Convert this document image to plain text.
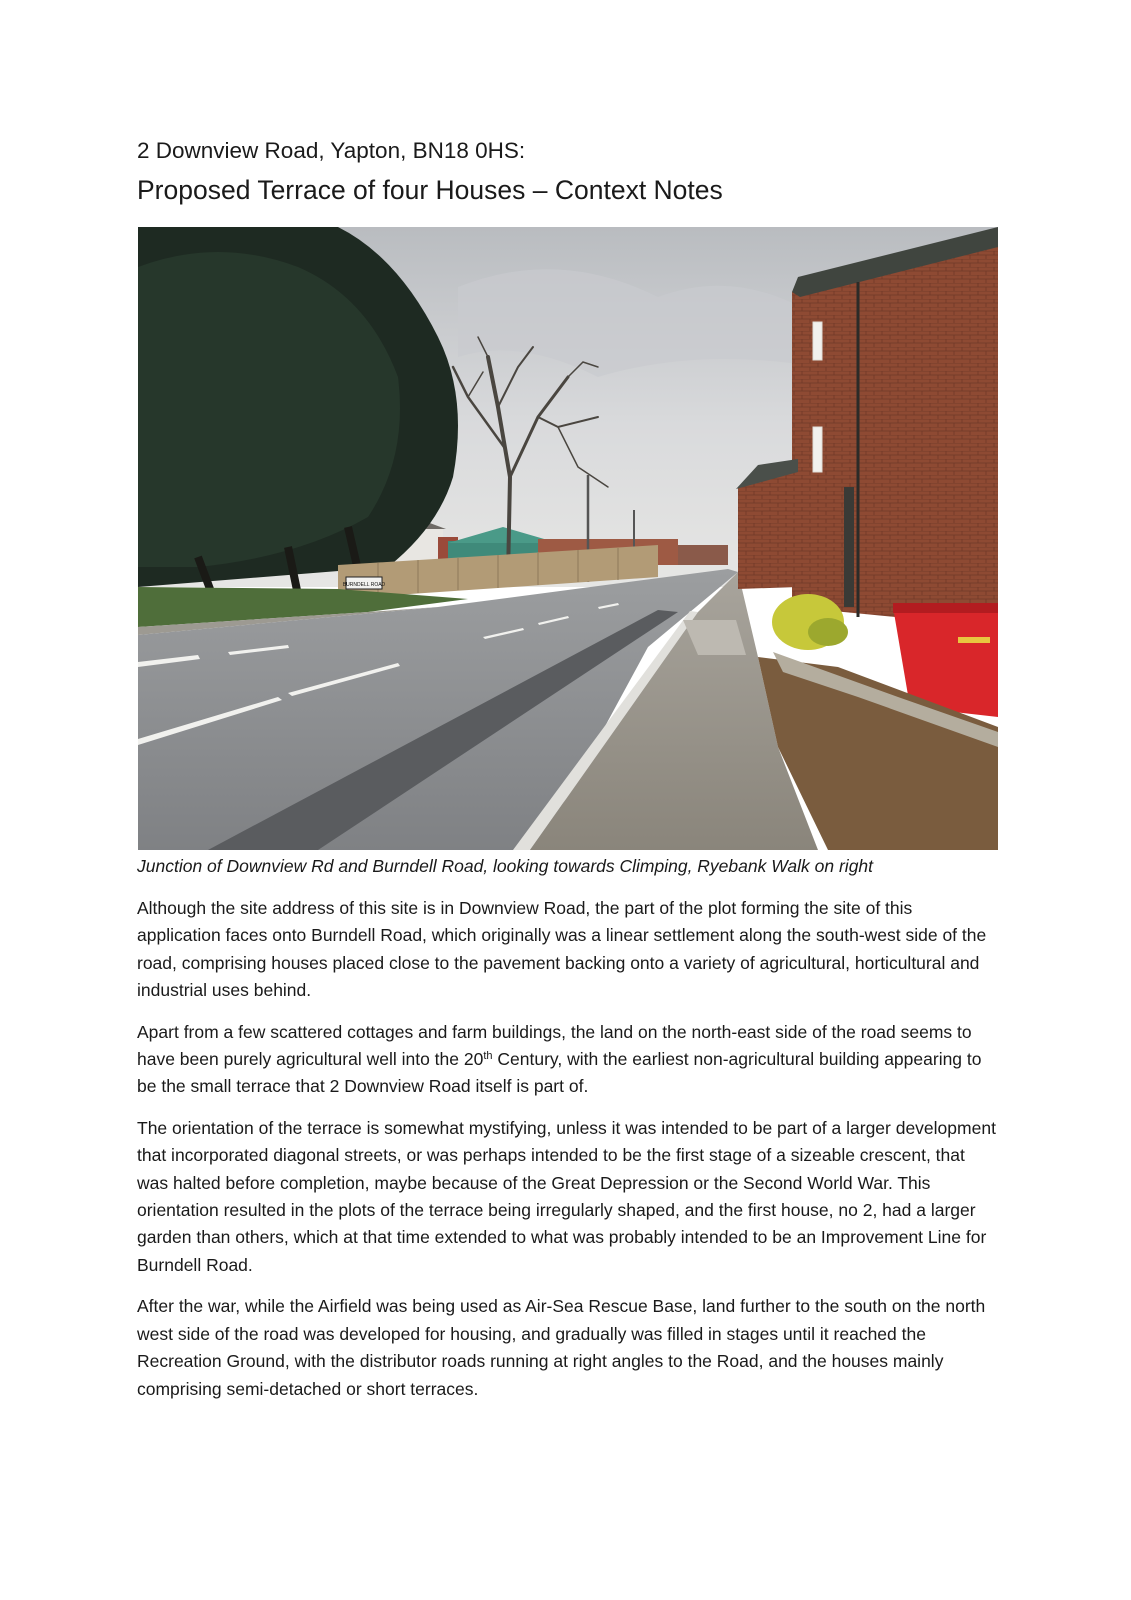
2 Downview Road, Yapton, BN18 0HS:
Proposed Terrace of four Houses – Context Notes
BURNDELL ROAD
Junction of Downview Rd and Burndell Road, looking towards Climping, Ryebank Walk on right

Although the site address of this site is in Downview Road, the part of the plot forming the site of this application faces onto Burndell Road, which originally was a linear settlement along the south-west side of the road, comprising houses placed close to the pavement backing onto a variety of agricultural, horticultural and industrial uses behind.

Apart from a few scattered cottages and farm buildings, the land on the north-east side of the road seems to have been purely agricultural well into the 20th Century, with the earliest non-agricultural building appearing to be the small terrace that 2 Downview Road itself is part of.

The orientation of the terrace is somewhat mystifying, unless it was intended to be part of a larger development that incorporated diagonal streets, or was perhaps intended to be the first stage of a sizeable crescent, that was halted before completion, maybe because of the Great Depression or the Second World War. This orientation resulted in the plots of the terrace being irregularly shaped, and the first house, no 2, had a larger garden than others, which at that time extended to what was probably intended to be an Improvement Line for Burndell Road.

After the war, while the Airfield was being used as Air-Sea Rescue Base, land further to the south on the north west side of the road was developed for housing, and gradually was filled in stages until it reached the Recreation Ground, with the distributor roads running at right angles to the Road, and the houses mainly comprising semi-detached or short terraces.
